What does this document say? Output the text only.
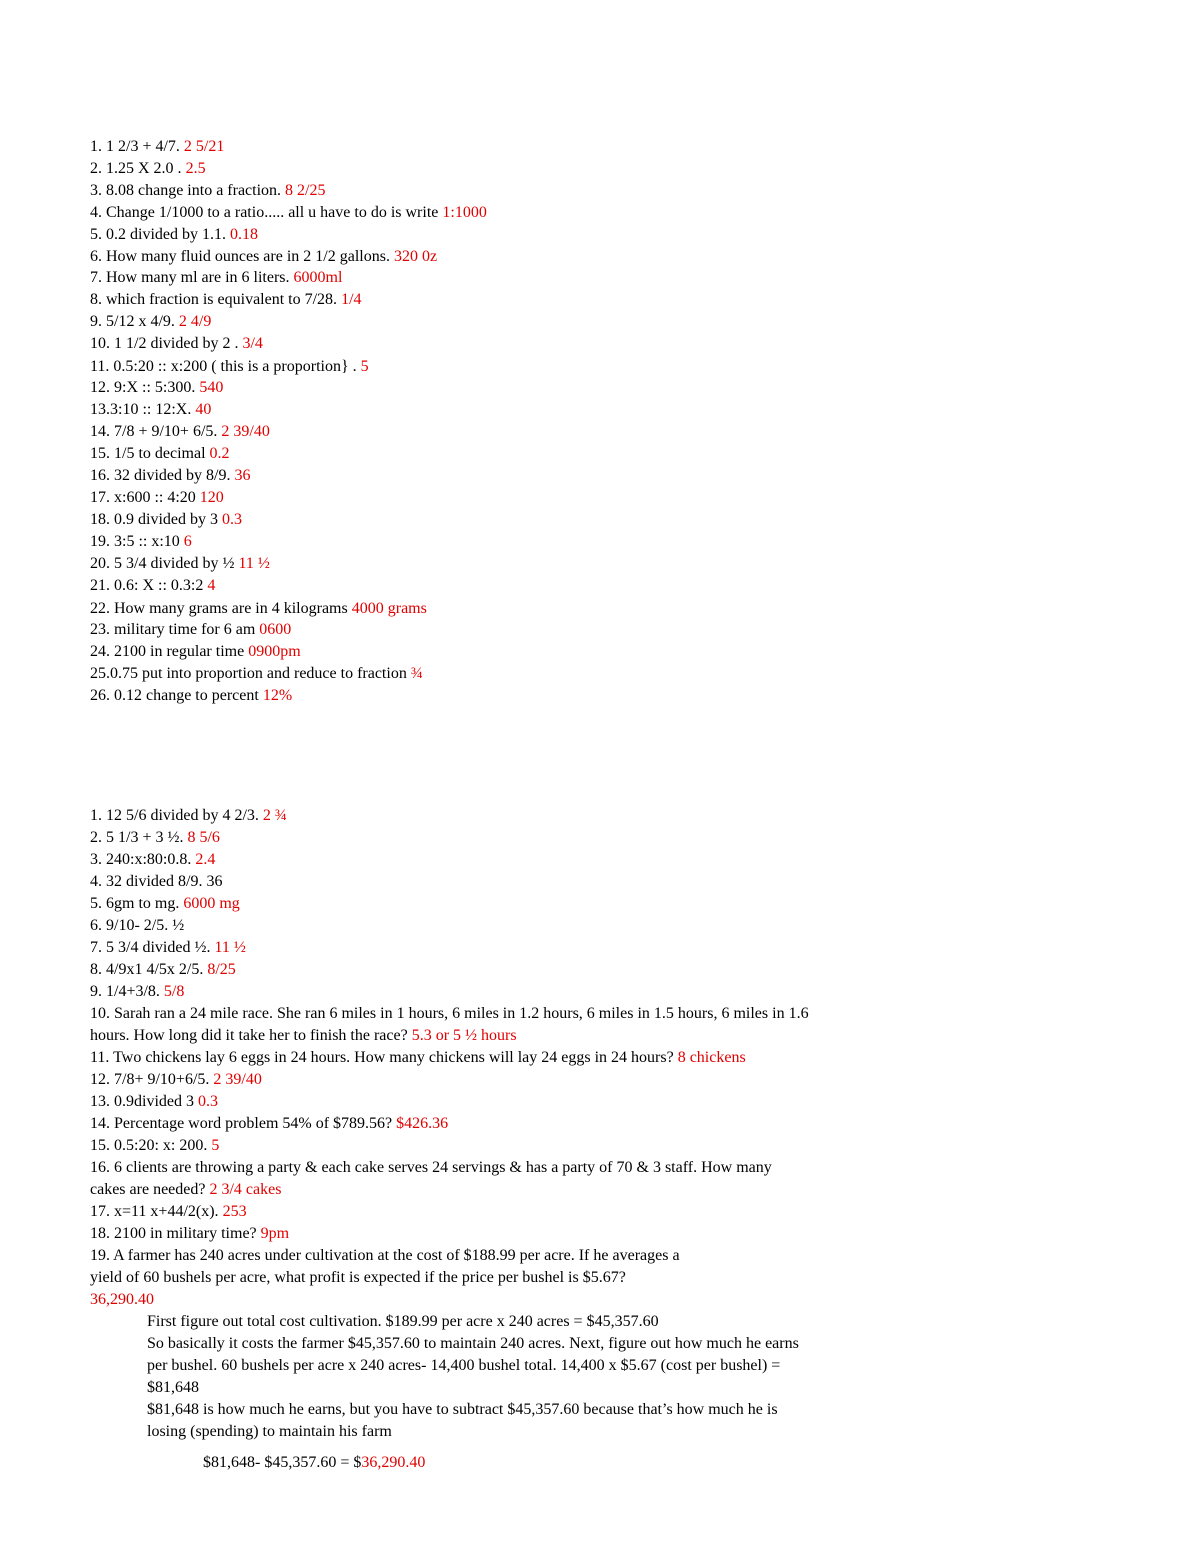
1. 1 2/3 + 4/7. 2 5/21
2. 1.25 X 2.0 . 2.5
3. 8.08 change into a fraction. 8 2/25
4. Change 1/1000 to a ratio..... all u have to do is write 1:1000
5. 0.2 divided by 1.1. 0.18
6. How many fluid ounces are in 2 1/2 gallons. 320 0z
7. How many ml are in 6 liters. 6000ml
8. which fraction is equivalent to 7/28. 1/4
9. 5/12 x 4/9. 2 4/9
10. 1 1/2 divided by 2 . 3/4
11. 0.5:20 :: x:200 ( this is a proportion} . 5
12. 9:X :: 5:300. 540
13.3:10 :: 12:X. 40
14. 7/8 + 9/10+ 6/5. 2 39/40
15. 1/5 to decimal 0.2
16. 32 divided by 8/9. 36
17. x:600 :: 4:20 120
18. 0.9 divided by 3 0.3
19. 3:5 :: x:10 6
20. 5 3/4 divided by ½ 11 ½
21. 0.6: X :: 0.3:2 4
22. How many grams are in 4 kilograms 4000 grams
23. military time for 6 am 0600
24. 2100 in regular time 0900pm
25.0.75 put into proportion and reduce to fraction ¾
26. 0.12 change to percent 12%
1. 12 5/6 divided by 4 2/3. 2 ¾
2. 5 1/3 + 3 ½. 8 5/6
3. 240:x:80:0.8. 2.4
4. 32 divided 8/9. 36
5. 6gm to mg. 6000 mg
6. 9/10- 2/5. ½
7. 5 3/4 divided ½. 11 ½
8. 4/9x1 4/5x 2/5. 8/25
9. 1/4+3/8. 5/8
10. Sarah ran a 24 mile race. She ran 6 miles in 1 hours, 6 miles in 1.2 hours, 6 miles in 1.5 hours, 6 miles in 1.6
hours. How long did it take her to finish the race? 5.3 or 5 ½ hours
11. Two chickens lay 6 eggs in 24 hours. How many chickens will lay 24 eggs in 24 hours? 8 chickens
12. 7/8+ 9/10+6/5. 2 39/40
13. 0.9divided 3 0.3
14. Percentage word problem 54% of $789.56? $426.36
15. 0.5:20: x: 200. 5
16. 6 clients are throwing a party & each cake serves 24 servings & has a party of 70 & 3 staff. How many
cakes are needed? 2 3/4 cakes
17. x=11 x+44/2(x). 253
18. 2100 in military time? 9pm
19. A farmer has 240 acres under cultivation at the cost of $188.99 per acre. If he averages a
yield of 60 bushels per acre, what profit is expected if the price per bushel is $5.67?
36,290.40
First figure out total cost cultivation. $189.99 per acre x 240 acres = $45,357.60
So basically it costs the farmer $45,357.60 to maintain 240 acres. Next, figure out how much he earns
per bushel. 60 bushels per acre x 240 acres- 14,400 bushel total. 14,400 x $5.67 (cost per bushel) =
$81,648
$81,648 is how much he earns, but you have to subtract $45,357.60 because that’s how much he is
losing (spending) to maintain his farm
$81,648- $45,357.60 = $36,290.40
